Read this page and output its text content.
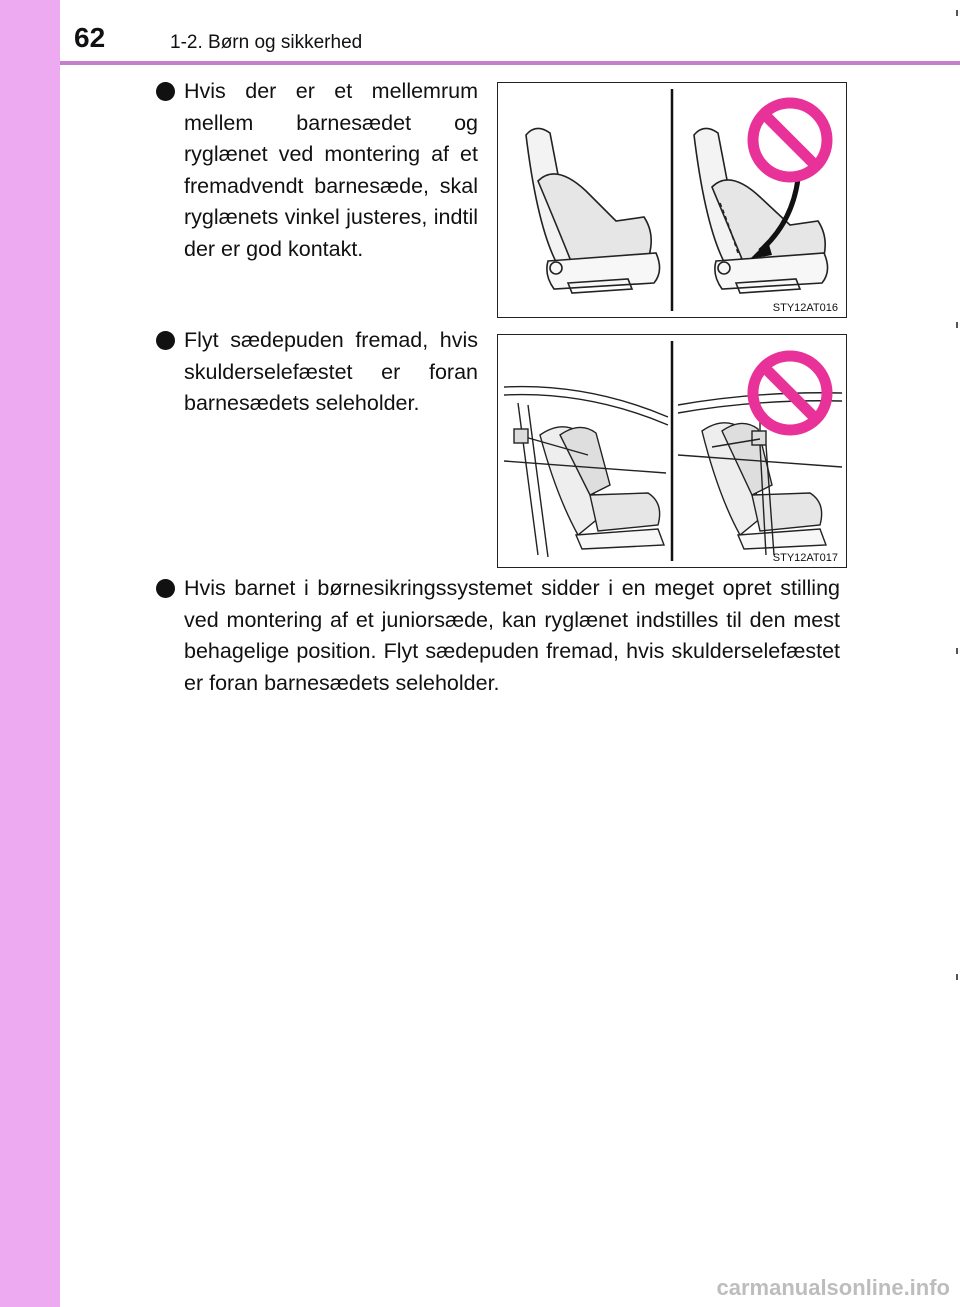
62	1-2. Børn og sikkerhed
Hvis der er et mellemrum mellem barnesædet og ryglænet ved montering af et fremadvendt barnesæde, skal ryglænets vinkel justeres, indtil der er god kontakt.
STY12AT016
Flyt sædepuden fremad, hvis skulderselefæstet er foran barnesædets seleholder.
STY12AT017
Hvis barnet i børnesikringssystemet sidder i en meget opret stilling ved montering af et juniorsæde, kan ryglænet indstilles til den mest behagelige position. Flyt sædepuden fremad, hvis skulderselefæstet er foran barnesædets seleholder.
carmanualsonline.info
